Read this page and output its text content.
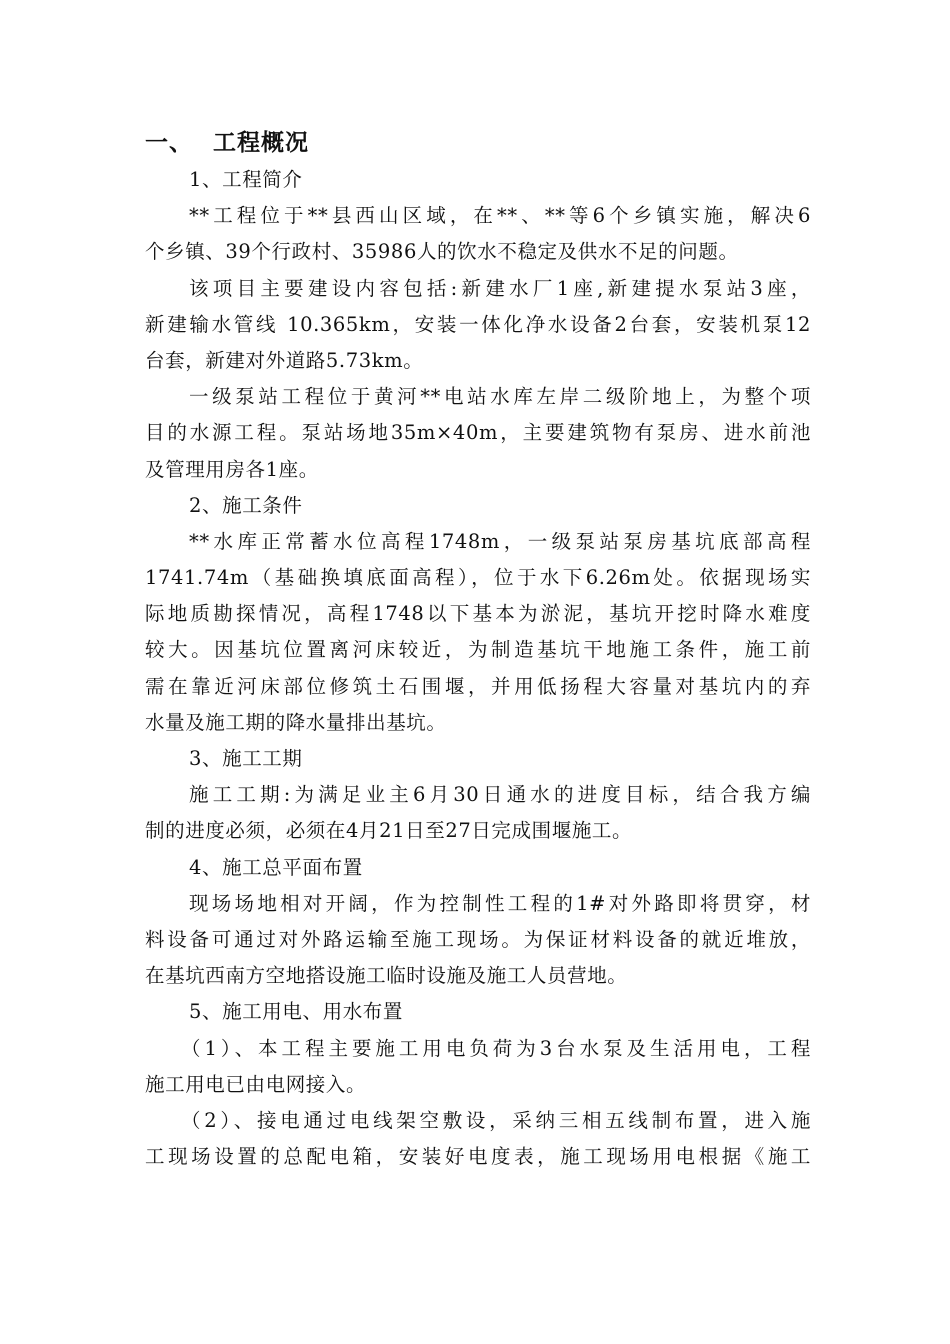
一、 工程概况
1、工程简介
**工程位于**县西山区域，在**、**等6个乡镇实施，解决6
个乡镇、39个行政村、35986人的饮水不稳定及供水不足的问题。
该项目主要建设内容包括:新建水厂1座,新建提水泵站3座，
新建输水管线 10.365km，安装一体化净水设备2台套，安装机泵12
台套，新建对外道路5.73km。
一级泵站工程位于黄河**电站水库左岸二级阶地上，为整个项
目的水源工程。泵站场地35m×40m，主要建筑物有泵房、进水前池
及管理用房各1座。
2、施工条件
**水库正常蓄水位高程1748m，一级泵站泵房基坑底部高程
1741.74m（基础换填底面高程），位于水下6.26m处。依据现场实
际地质勘探情况，高程1748以下基本为淤泥，基坑开挖时降水难度
较大。因基坑位置离河床较近，为制造基坑干地施工条件，施工前
需在靠近河床部位修筑土石围堰，并用低扬程大容量对基坑内的弃
水量及施工期的降水量排出基坑。
3、施工工期
施工工期:为满足业主6月30日通水的进度目标，结合我方编
制的进度必须，必须在4月21日至27日完成围堰施工。
4、施工总平面布置
现场场地相对开阔，作为控制性工程的1#对外路即将贯穿，材
料设备可通过对外路运输至施工现场。为保证材料设备的就近堆放，
在基坑西南方空地搭设施工临时设施及施工人员营地。
5、施工用电、用水布置
（1）、本工程主要施工用电负荷为3台水泵及生活用电，工程
施工用电已由电网接入。
（2）、接电通过电线架空敷设，采纳三相五线制布置，进入施
工现场设置的总配电箱，安装好电度表，施工现场用电根据《施工
